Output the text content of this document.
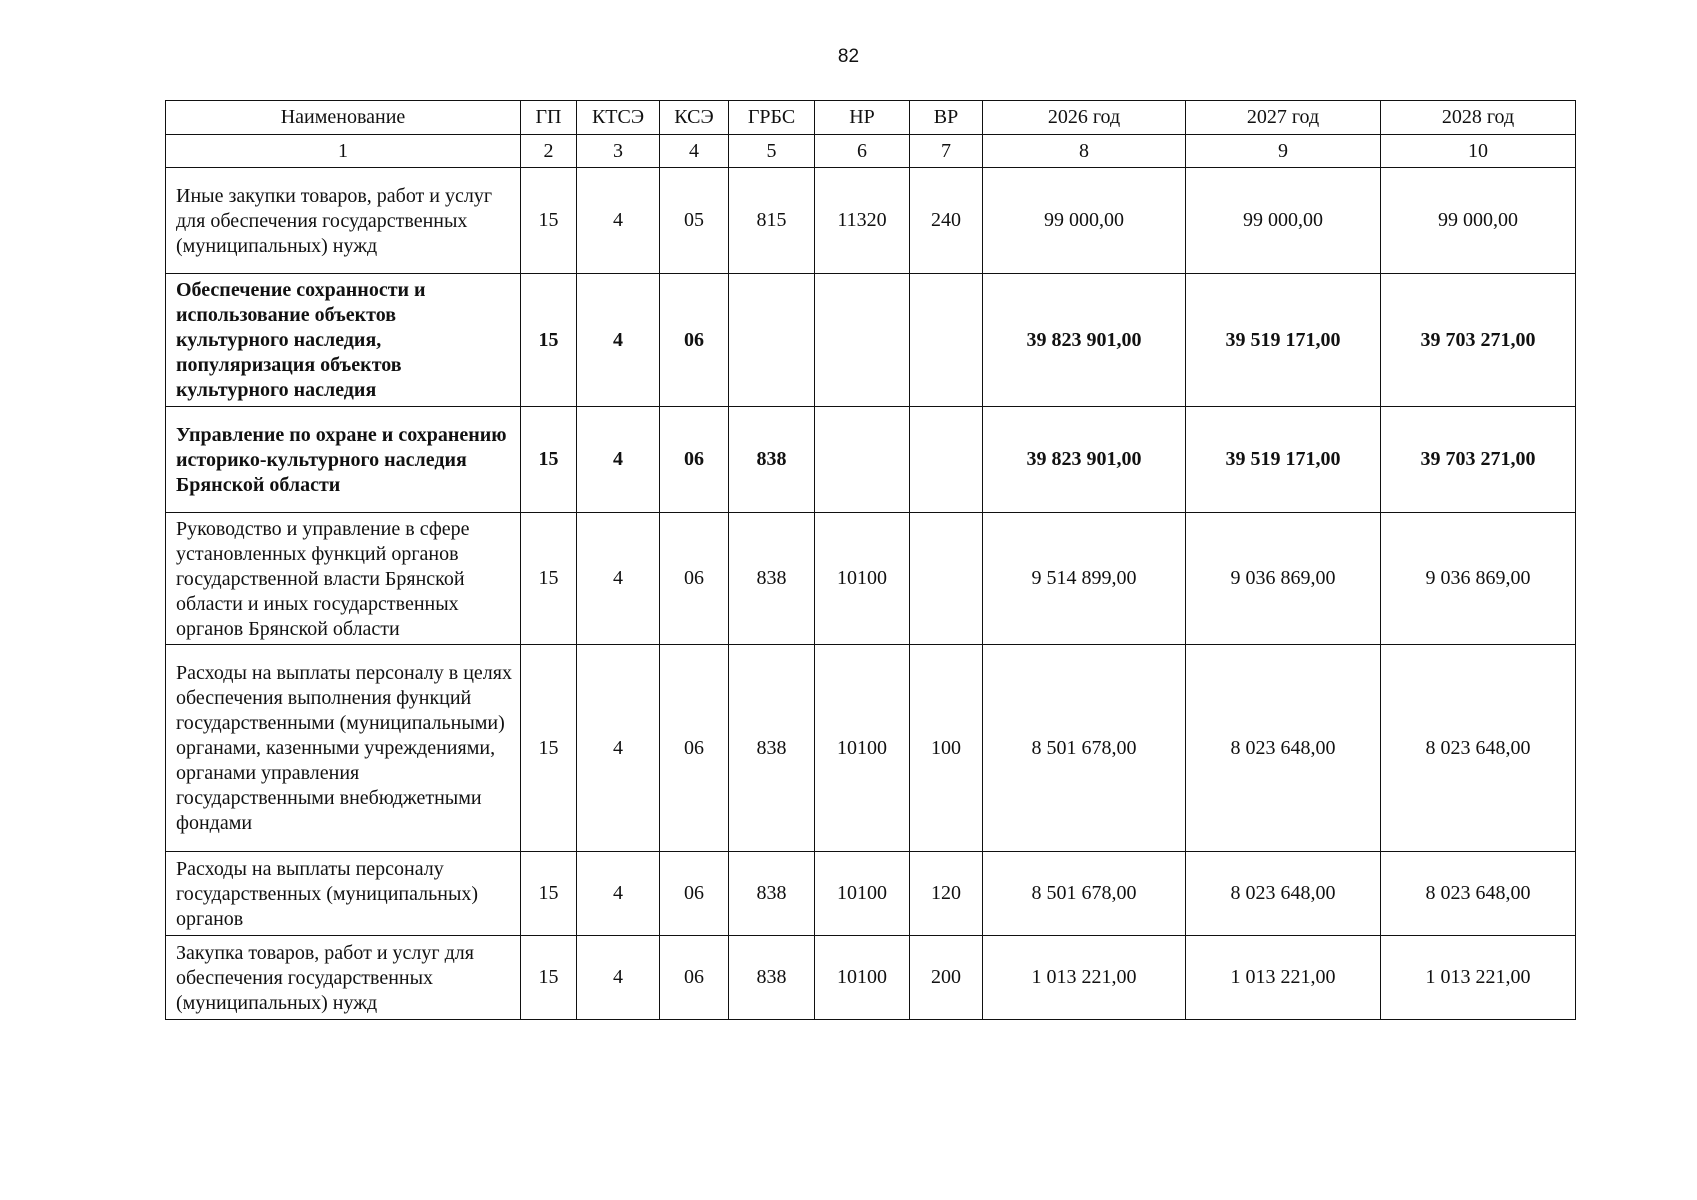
82
Наименование	ГП	КТСЭ	КСЭ	ГРБС	НР	ВР	2026 год	2027 год	2028 год
1	2	3	4	5	6	7	8	9	10
Иные закупки товаров, работ и услуг для обеспечения государственных (муниципальных) нужд	15	4	05	815	11320	240	99 000,00	99 000,00	99 000,00
Обеспечение сохранности и использование объектов культурного наследия, популяризация объектов культурного наследия	15	4	06				39 823 901,00	39 519 171,00	39 703 271,00
Управление по охране и сохранению историко-культурного наследия Брянской области	15	4	06	838			39 823 901,00	39 519 171,00	39 703 271,00
Руководство и управление в сфере установленных функций органов государственной власти Брянской области и иных государственных органов Брянской области	15	4	06	838	10100		9 514 899,00	9 036 869,00	9 036 869,00
Расходы на выплаты персоналу в целях обеспечения выполнения функций государственными (муниципальными) органами, казенными учреждениями, органами управления государственными внебюджетными фондами	15	4	06	838	10100	100	8 501 678,00	8 023 648,00	8 023 648,00
Расходы на выплаты персоналу государственных (муниципальных) органов	15	4	06	838	10100	120	8 501 678,00	8 023 648,00	8 023 648,00
Закупка товаров, работ и услуг для обеспечения государственных (муниципальных) нужд	15	4	06	838	10100	200	1 013 221,00	1 013 221,00	1 013 221,00
